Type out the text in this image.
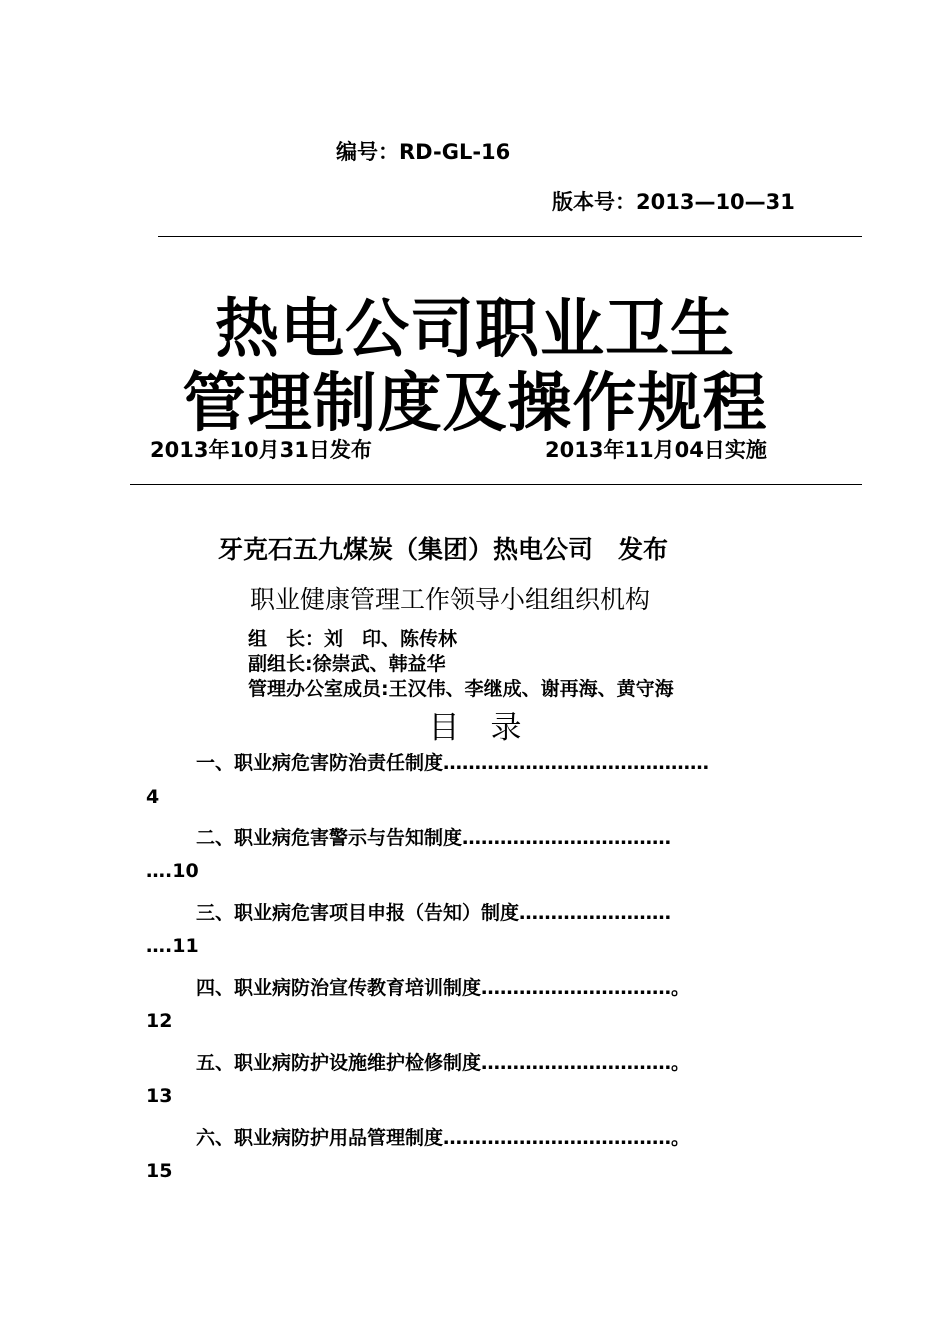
编号：RD-GL-16
版本号：2013—10—31
热电公司职业卫生
管理制度及操作规程
2013年10月31日发布	2013年11月04日实施
牙克石五九煤炭（集团）热电公司　发布
职业健康管理工作领导小组组织机构
组　长：刘　印、陈传林
副组长:徐崇武、韩益华
管理办公室成员:王汉伟、李继成、谢再海、黄守海
目　录
一、职业病危害防治责任制度……………………………………
4
二、职业病危害警示与告知制度……………………………
….10
三、职业病危害项目申报（告知）制度……………………
….11
四、职业病防治宣传教育培训制度…………………………。
12
五、职业病防护设施维护检修制度…………………………。
13
六、职业病防护用品管理制度………………………………。
15
